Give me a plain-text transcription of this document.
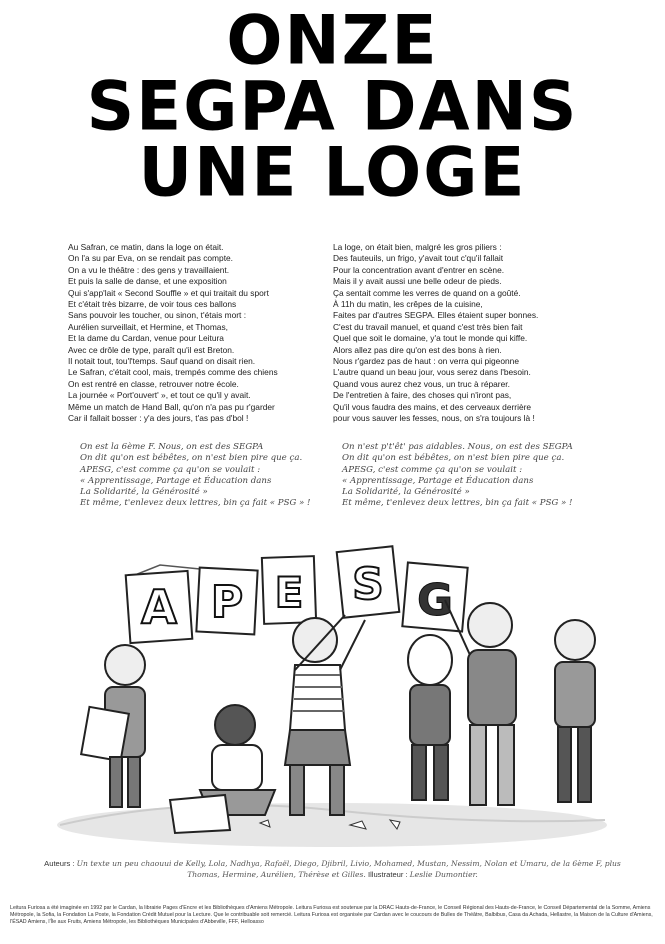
ONZE
SEGPA DANS
UNE LOGE
Au Safran, ce matin, dans la loge on était.
On l'a su par Eva, on se rendait pas compte.
On a vu le théâtre : des gens y travaillaient.
Et puis la salle de danse, et une exposition
Qui s'app'lait « Second Souffle » et qui traitait du sport
Et c'était très bizarre, de voir tous ces ballons
Sans pouvoir les toucher, ou sinon, t'étais mort :
Aurélien surveillait, et Hermine, et Thomas,
Et la dame du Cardan, venue pour Leitura
Avec ce drôle de type, paraît qu'il est Breton.
Il notait tout, tou'l'temps. Sauf quand on disait rien.
Le Safran, c'était cool, mais, trempés comme des chiens
On est rentré en classe, retrouver notre école.
La journée « Port'ouvert' », et tout ce qu'il y avait.
Même un match de Hand Ball, qu'on n'a pas pu r'garder
Car il fallait bosser : y'a des jours, t'as pas d'bol !
La loge, on était bien, malgré les gros piliers :
Des fauteuils, un frigo, y'avait tout c'qu'il fallait
Pour la concentration avant d'entrer en scène.
Mais il y avait aussi une belle odeur de pieds.
Ça sentait comme les verres de quand on a goûté.
À 11h du matin, les crêpes de la cuisine,
Faites par d'autres SEGPA. Elles étaient super bonnes.
C'est du travail manuel, et quand c'est très bien fait
Quel que soit le domaine, y'a tout le monde qui kiffe.
Alors allez pas dire qu'on est des bons à rien.
Nous r'gardez pas de haut : on verra qui pigeonne
L'autre quand un beau jour, vous serez dans l'besoin.
Quand vous aurez chez vous, un truc à réparer.
De l'entretien à faire, des choses qui n'iront pas,
Qu'il vous faudra des mains, et des cerveaux derrière
pour vous sauver les fesses, nous, on s'ra toujours là !
On est la 6ème F. Nous, on est des SEGPA
On dit qu'on est bébêtes, on n'est bien pire que ça.
APESG, c'est comme ça qu'on se voulait :
« Apprentissage, Partage et Éducation dans
La Solidarité, la Générosité »
Et même, t'enlevez deux lettres, bin ça fait « PSG » !
On n'est p't'êt' pas aidables. Nous, on est des SEGPA
On dit qu'on est bébêtes, on n'est bien pire que ça.
APESG, c'est comme ça qu'on se voulait :
« Apprentissage, Partage et Éducation dans
La Solidarité, la Générosité »
Et même, t'enlevez deux lettres, bin ça fait « PSG » !
A P E S G
Auteurs : Un texte un peu chaouui de Kelly, Lola, Nadhya, Rafaël, Diego, Djibril, Livio, Mohamed, Mustan, Nessim, Nolan et Umaru, de la 6ème F, plus Thomas, Hermine, Aurélien, Thérèse et Gilles. Illustrateur : Leslie Dumontier.
Leitura Furiosa a été imaginée en 1992 par le Cardan, la librairie Pages d'Encre et les Bibliothèques d'Amiens Métropole. Leitura Furiosa est soutenue par la DRAC Hauts-de-France, le Conseil Régional des Hauts-de-France, le Conseil Départemental de la Somme, Amiens Métropole, la Sofia, la Fondation La Poste, la Fondation Crédit Mutuel pour la Lecture. Que le contribuable soit remercié. Leitura Furiosa est organisée par Cardan avec le coucours de Bulles de Théâtre, Balbibus, Casa da Achada, Hellastre, la Maison de la Culture d'Amiens, l'ÉSAD Amiens, l'Île aux Fruits, Amiens Métropole, les Bibliothèques Municipales d'Abbeville, FFF, Helloasso
